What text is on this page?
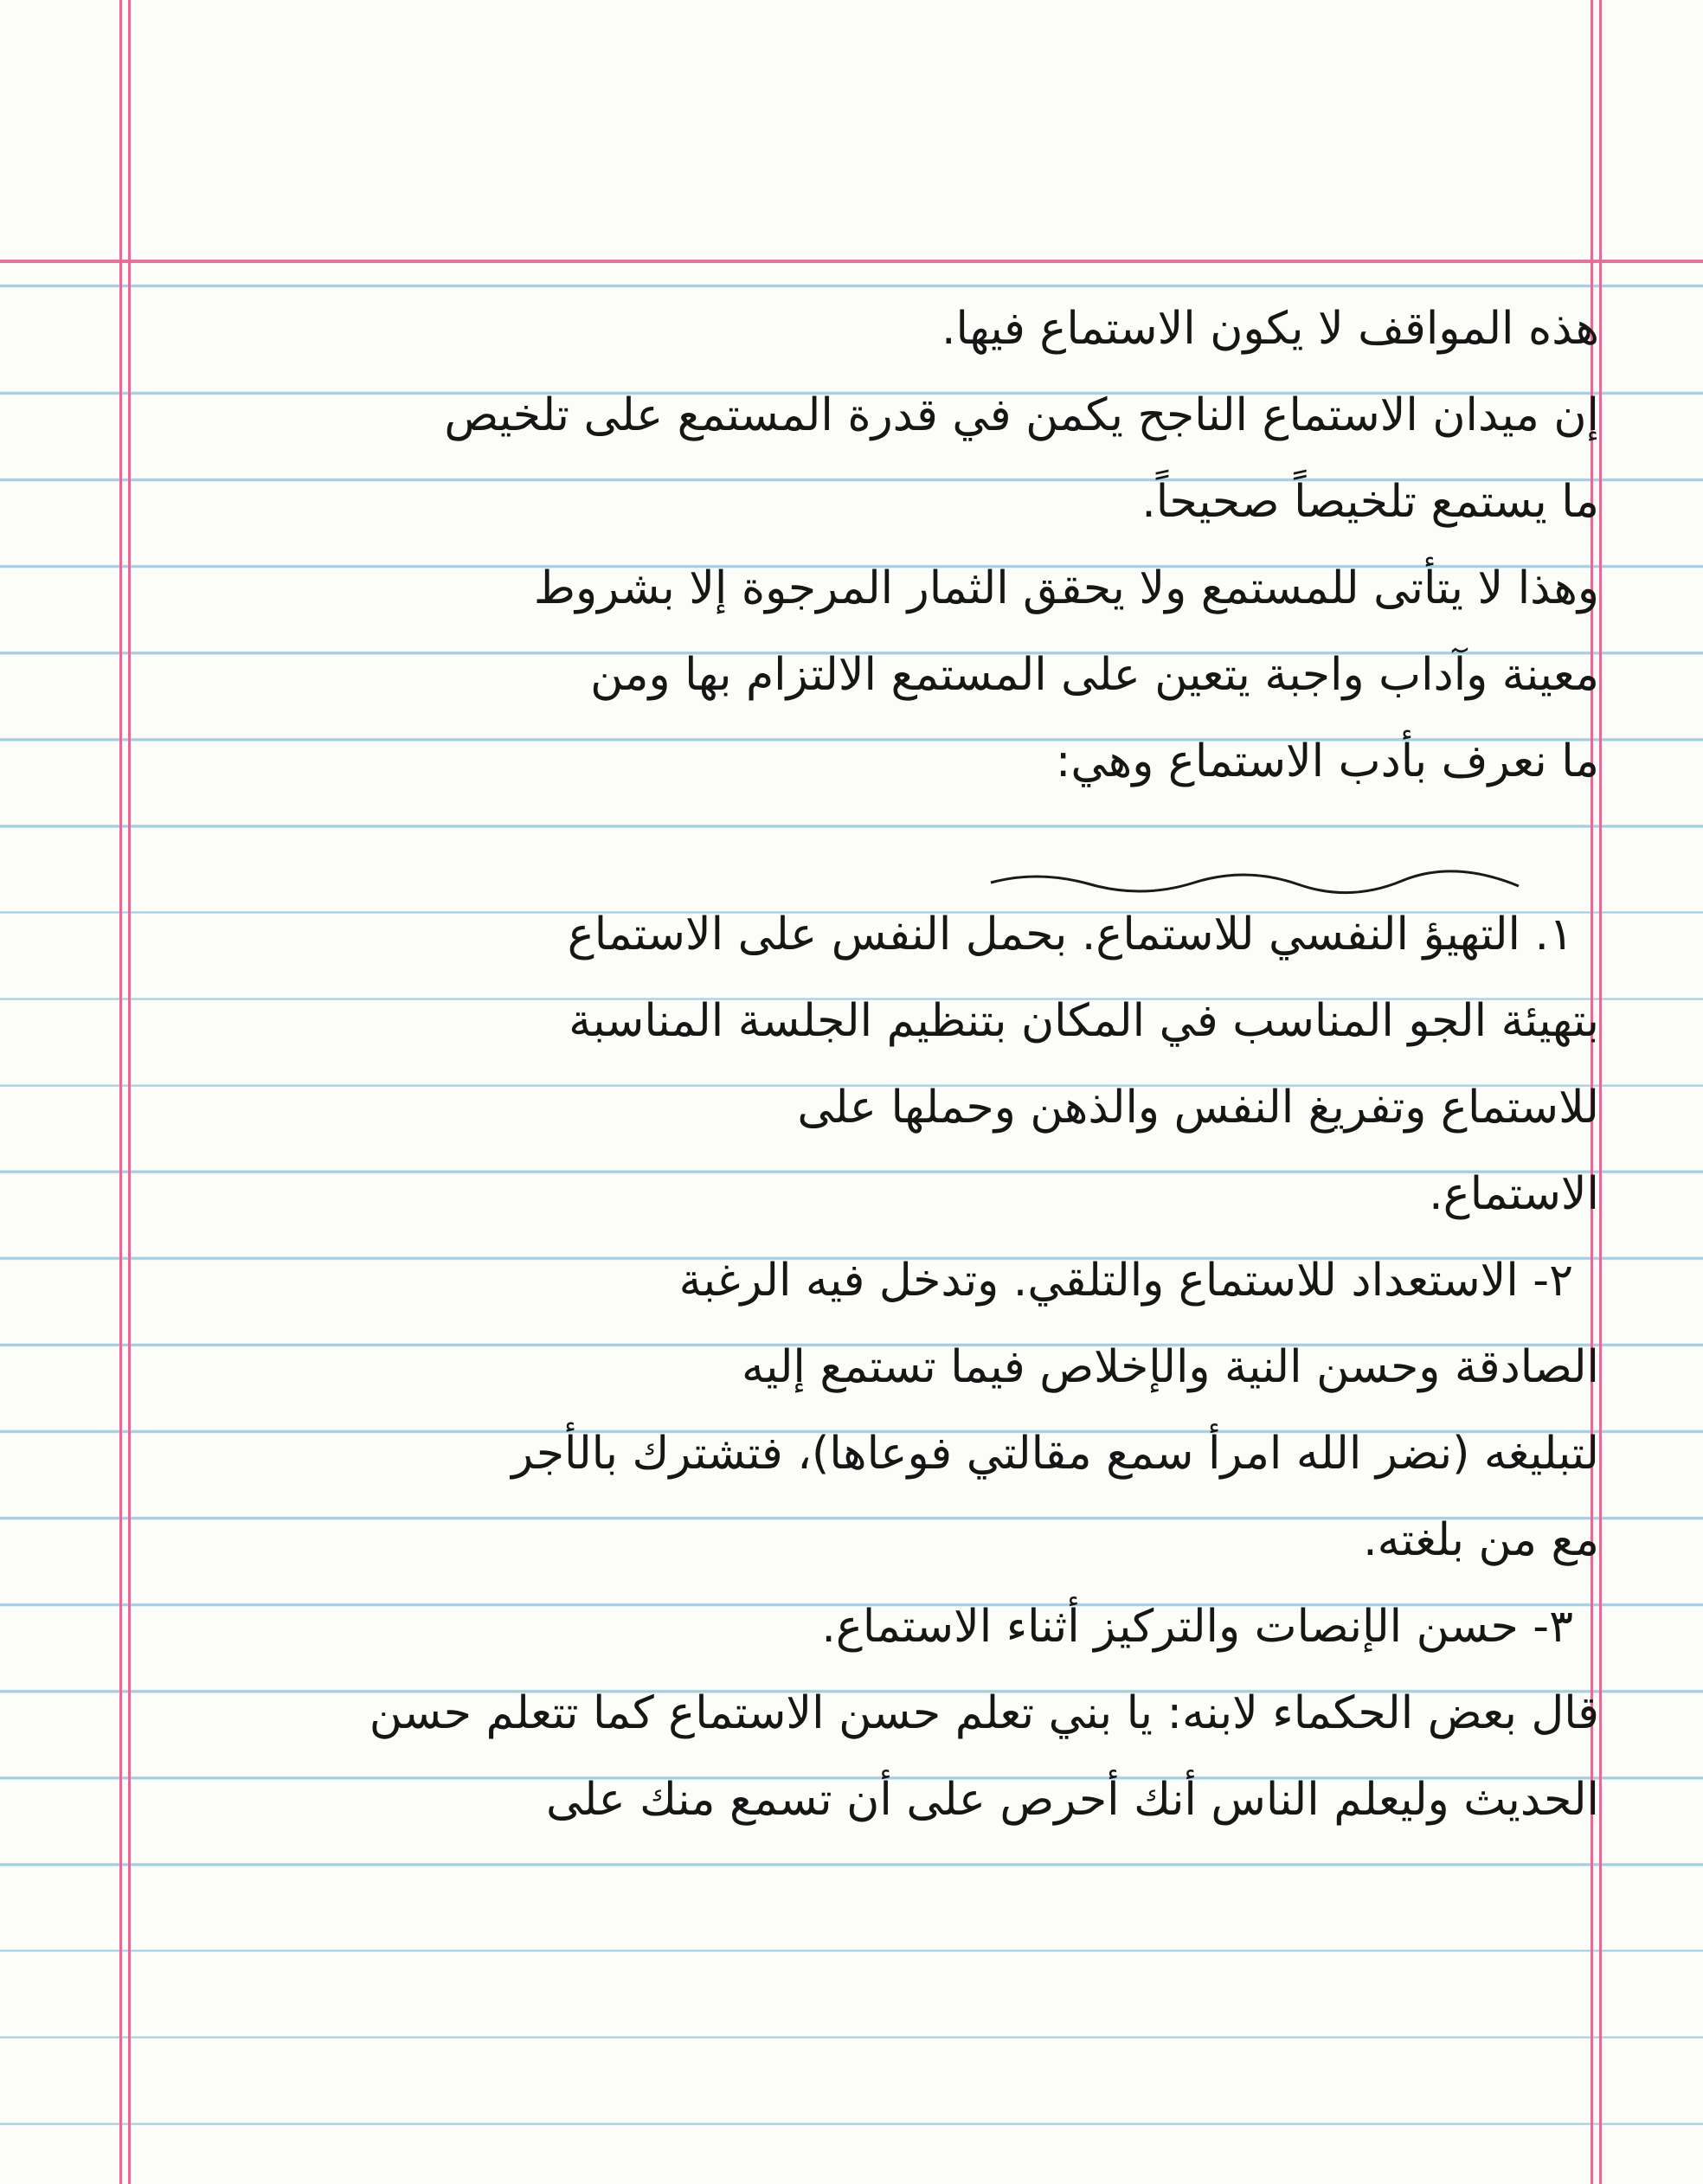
هذه المواقف لا يكون الاستماع فيها.
إن ميدان الاستماع الناجح يكمن في قدرة المستمع على تلخيص
ما يستمع تلخيصاً صحيحاً.
وهذا لا يتأتى للمستمع ولا يحقق الثمار المرجوة إلا بشروط
معينة وآداب واجبة يتعين على المستمع الالتزام بها ومن
ما نعرف بأدب الاستماع وهي:
١. التهيؤ النفسي للاستماع. بحمل النفس على الاستماع
بتهيئة الجو المناسب في المكان بتنظيم الجلسة المناسبة
للاستماع وتفريغ النفس والذهن وحملها على
الاستماع.
٢- الاستعداد للاستماع والتلقي. وتدخل فيه الرغبة
الصادقة وحسن النية والإخلاص فيما تستمع إليه
لتبليغه (نضر الله امرأ سمع مقالتي فوعاها)، فتشترك بالأجر
مع من بلغته.
٣- حسن الإنصات والتركيز أثناء الاستماع.
قال بعض الحكماء لابنه: يا بني تعلم حسن الاستماع كما تتعلم حسن
الحديث وليعلم الناس أنك أحرص على أن تسمع منك على
